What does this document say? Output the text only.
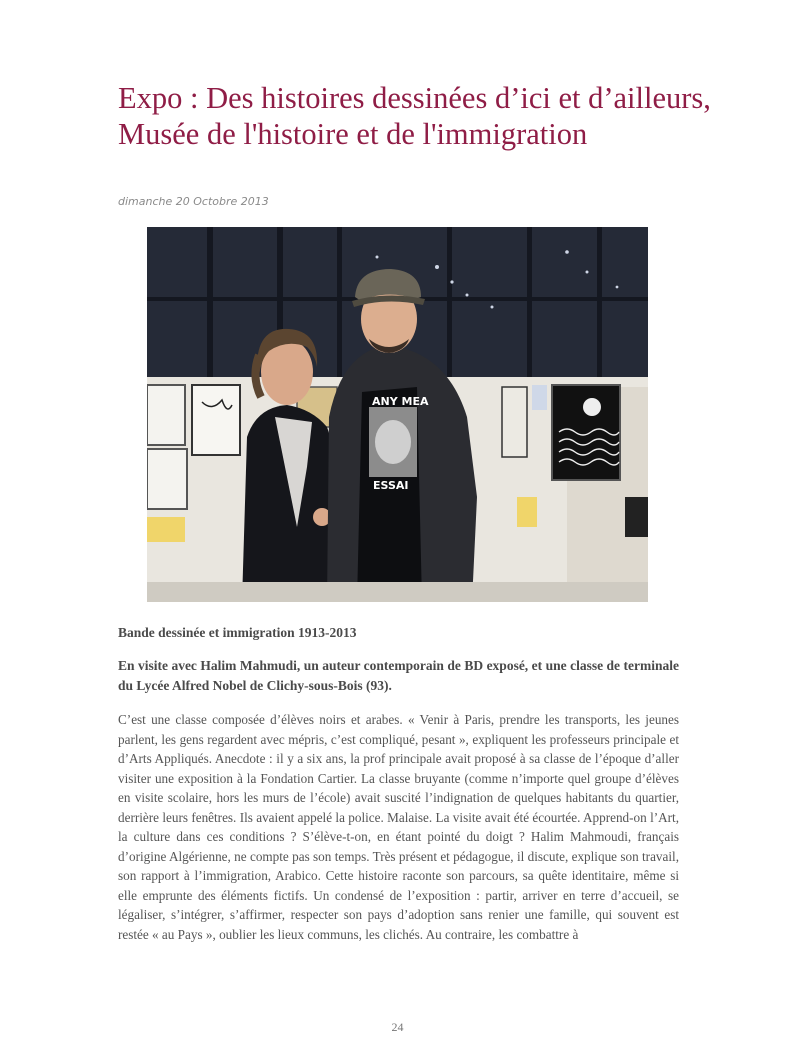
Expo : Des histoires dessinées d’ici et d’ailleurs, Musée de l'histoire et de l'immigration
dimanche 20 Octobre 2013
ANY MEA
ESSAI
Bande dessinée et immigration 1913-2013

En visite avec Halim Mahmudi, un auteur contemporain de BD exposé, et une classe de terminale du Lycée Alfred Nobel de Clichy-sous-Bois (93).

C’est une classe composée d’élèves noirs et arabes. « Venir à Paris, prendre les transports, les jeunes parlent, les gens regardent avec mépris, c’est compliqué, pesant », expliquent les professeurs principale et d’Arts Appliqués. Anecdote : il y a six ans, la prof principale avait proposé à sa classe de l’époque d’aller visiter une exposition à la Fondation Cartier. La classe bruyante (comme n’importe quel groupe d’élèves en visite scolaire, hors les murs de l’école) avait suscité l’indignation de quelques habitants du quartier, derrière leurs fenêtres. Ils avaient appelé la police. Malaise. La visite avait été écourtée. Apprend-on l’Art, la culture dans ces conditions ? S’élève-t-on, en étant pointé du doigt ? Halim Mahmoudi, français d’origine Algérienne, ne compte pas son temps. Très présent et pédagogue, il discute, explique son travail, son rapport à l’immigration, Arabico. Cette histoire raconte son parcours, sa quête identitaire, même si elle emprunte des éléments fictifs. Un condensé de l’exposition : partir, arriver en terre d’accueil, se légaliser, s’intégrer, s’affirmer, respecter son pays d’adoption sans renier une famille, qui souvent est restée « au Pays », oublier les lieux communs, les clichés. Au contraire, les combattre à

24
